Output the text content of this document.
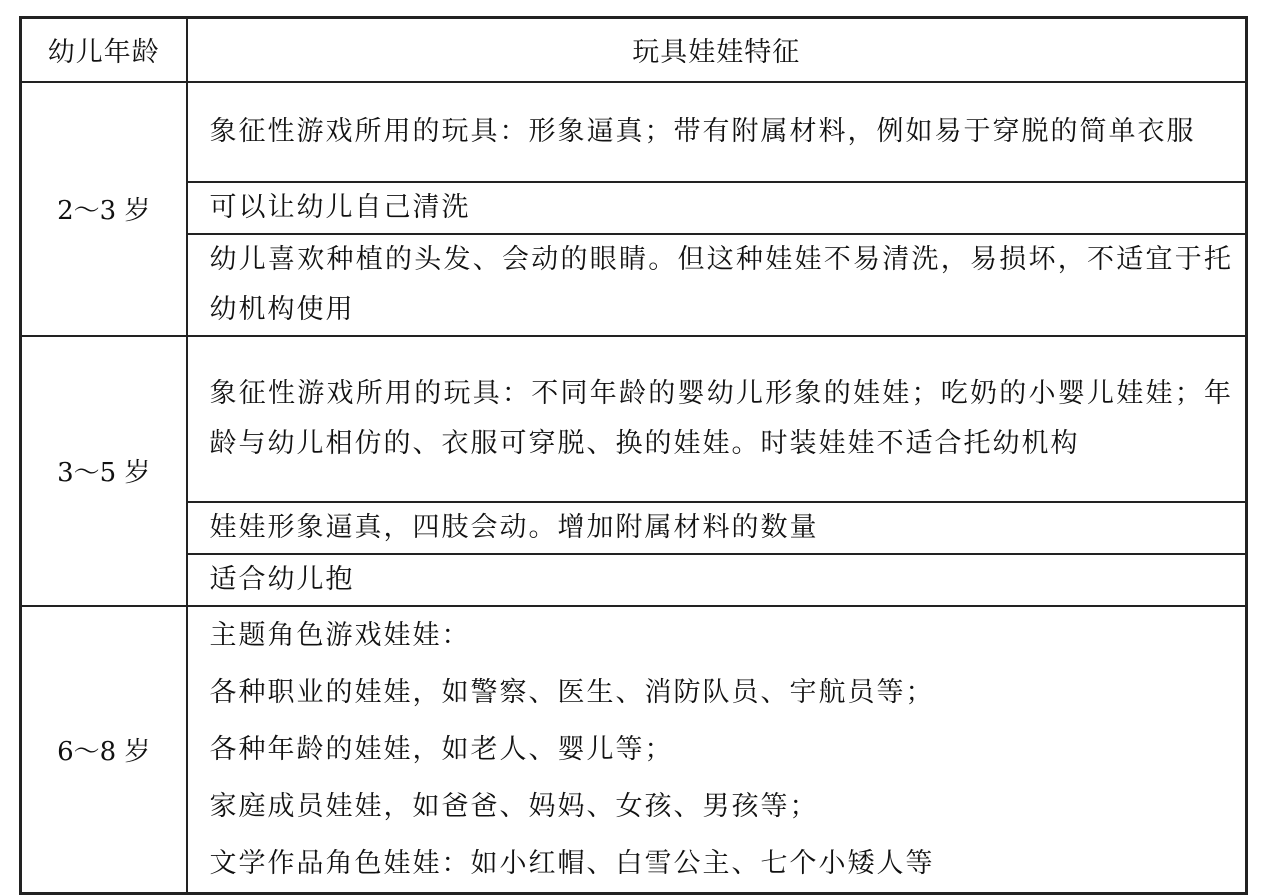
幼儿年龄	玩具娃娃特征
2～3 岁	象征性游戏所用的玩具：形象逼真；带有附属材料，例如易于穿脱的简单衣服
	可以让幼儿自己清洗
	幼儿喜欢种植的头发、会动的眼睛。但这种娃娃不易清洗，易损坏，不适宜于托幼机构使用
3～5 岁	象征性游戏所用的玩具：不同年龄的婴幼儿形象的娃娃；吃奶的小婴儿娃娃；年龄与幼儿相仿的、衣服可穿脱、换的娃娃。时装娃娃不适合托幼机构
	娃娃形象逼真，四肢会动。增加附属材料的数量
	适合幼儿抱
6～8 岁	主题角色游戏娃娃：
各种职业的娃娃，如警察、医生、消防队员、宇航员等；
各种年龄的娃娃，如老人、婴儿等；
家庭成员娃娃，如爸爸、妈妈、女孩、男孩等；
文学作品角色娃娃：如小红帽、白雪公主、七个小矮人等
